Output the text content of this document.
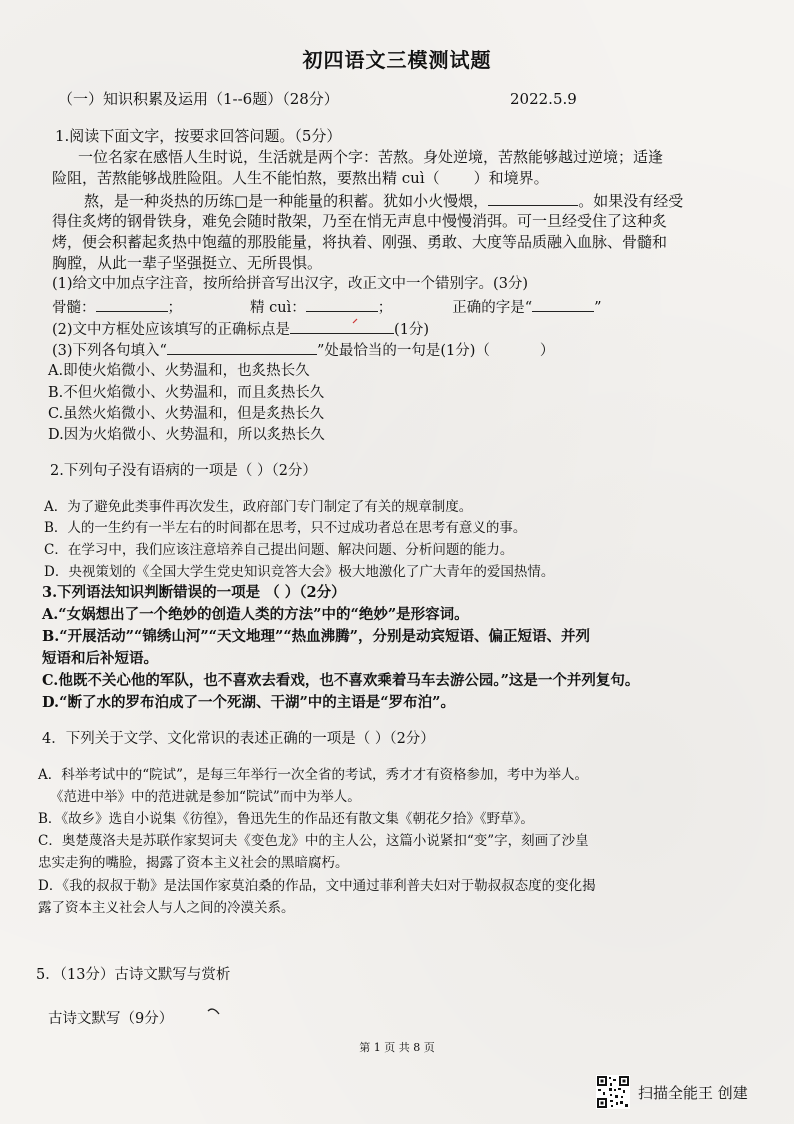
初四语文三模测试题
（一）知识积累及运用（1--6题）（28分）	2022.5.9
1.阅读下面文字，按要求回答问题。（5分）
一位名家在感悟人生时说，生活就是两个字：苦熬。身处逆境，苦熬能够越过逆境；适逢
险阻，苦熬能够战胜险阻。人生不能怕熬，要熬出精 cuì（ ）和境界。
熬，是一种炎热的历练□是一种能量的积蓄。犹如小火慢煨，	。如果没有经受
得住炙烤的钢骨铁身，难免会随时散架，乃至在悄无声息中慢慢消弭。可一旦经受住了这种炙
烤，便会积蓄起炙热中饱蕴的那股能量，将执着、刚强、勇敢、大度等品质融入血脉、骨髓和
胸膛，从此一辈子坚强挺立、无所畏惧。
(1)给文中加点字注音，按所给拼音写出汉字，改正文中一个错别字。(3分)
骨髓：	；	精 cuì：	；	正确的字是“	”
(2)文中方框处应该填写的正确标点是	(1分)
(3)下列各句填入“	”处最恰当的一句是(1分)（	）
A.即使火焰微小、火势温和，也炙热长久
B.不但火焰微小、火势温和，而且炙热长久
C.虽然火焰微小、火势温和，但是炙热长久
D.因为火焰微小、火势温和，所以炙热长久
2.下列句子没有语病的一项是（ ）（2分）
A．为了避免此类事件再次发生，政府部门专门制定了有关的规章制度。
B．人的一生约有一半左右的时间都在思考，只不过成功者总在思考有意义的事。
C．在学习中，我们应该注意培养自己提出问题、解决问题、分析问题的能力。
D．央视策划的《全国大学生党史知识竞答大会》极大地激化了广大青年的爱国热情。
3.下列语法知识判断错误的一项是 （ ）（2分）
A.“女娲想出了一个绝妙的创造人类的方法”中的“绝妙”是形容词。
B.“开展活动”“锦绣山河”“天文地理”“热血沸腾”，分别是动宾短语、偏正短语、并列
短语和后补短语。
C.他既不关心他的军队，也不喜欢去看戏，也不喜欢乘着马车去游公园。”这是一个并列复句。
D.“断了水的罗布泊成了一个死湖、干湖”中的主语是“罗布泊”。
4．下列关于文学、文化常识的表述正确的一项是（ ）（2分）
A．科举考试中的“院试”，是每三年举行一次全省的考试，秀才才有资格参加，考中为举人。
《范进中举》中的范进就是参加“院试”而中为举人。
B．《故乡》选自小说集《彷徨》，鲁迅先生的作品还有散文集《朝花夕拾》《野草》。
C．奥楚蔑洛夫是苏联作家契诃夫《变色龙》中的主人公，这篇小说紧扣“变”字，刻画了沙皇
忠实走狗的嘴脸，揭露了资本主义社会的黑暗腐朽。
D．《我的叔叔于勒》是法国作家莫泊桑的作品，文中通过菲利普夫妇对于勒叔叔态度的变化揭
露了资本主义社会人与人之间的冷漠关系。
5．（13分）古诗文默写与赏析
古诗文默写（9分）
第 1 页 共 8 页
扫描全能王 创建
